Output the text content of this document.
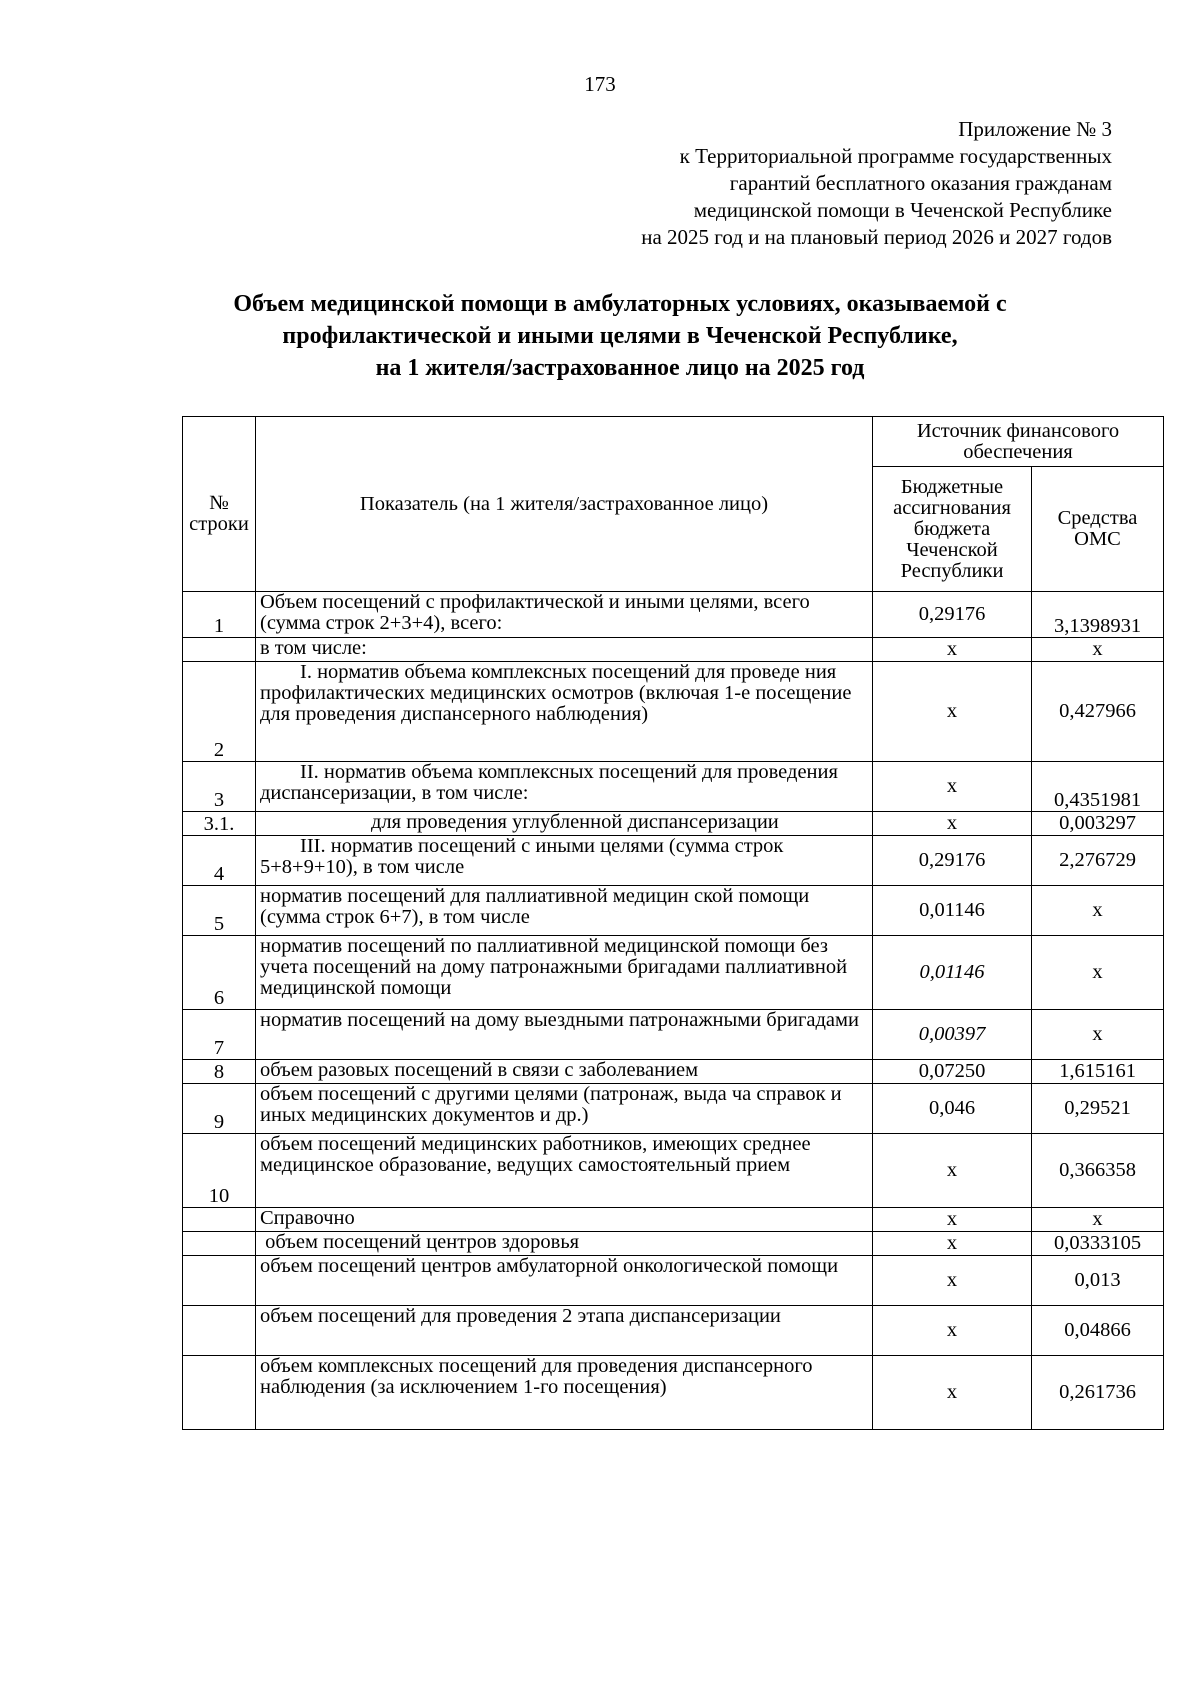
173
Приложение № 3
к Территориальной программе государственных
гарантий бесплатного оказания гражданам
медицинской помощи в Чеченской Республике
на 2025 год и на плановый период 2026 и 2027 годов
Объем медицинской помощи в амбулаторных условиях, оказываемой с
профилактической и иными целями в Чеченской Республике,
на 1 жителя/застрахованное лицо на 2025 год
№ строки	Показатель (на 1 жителя/застрахованное лицо)	Источник финансового обеспечения	
		Бюджетные ассигнования бюджета Чеченской Республики	Средства ОМС
1	Объем посещений с профилактической и иными целями, всего (сумма строк 2+3+4), всего:	0,29176	3,1398931
	в том числе:	х	х
2	I. норматив объема комплексных посещений для проведе ния профилактических медицинских осмотров (включая 1-е посещение для проведения диспансерного наблюдения)	х	0,427966
3	II. норматив объема комплексных посещений для проведения диспансеризации, в том числе:	х	0,4351981
3.1.	для проведения углубленной диспансеризации	х	0,003297
4	III. норматив посещений с иными целями (сумма строк 5+8+9+10), в том числе	0,29176	2,276729
5	норматив посещений для паллиативной медицин ской помощи (сумма строк 6+7), в том числе	0,01146	х
6	норматив посещений по паллиативной медицинской помощи без учета посещений на дому патронажными бригадами паллиативной медицинской помощи	0,01146	х
7	норматив посещений на дому выездными патронажными бригадами	0,00397	х
8	объем разовых посещений в связи с заболеванием	0,07250	1,615161
9	объем посещений с другими целями (патронаж, выда ча справок и иных медицинских документов и др.)	0,046	0,29521
10	объем посещений медицинских работников, имеющих среднее медицинское образование, ведущих самостоятельный прием	х	0,366358
	Справочно	х	х
	объем посещений центров здоровья	х	0,0333105
	объем посещений центров амбулаторной онкологической помощи	х	0,013
	объем посещений для проведения 2 этапа диспансеризации	х	0,04866
	объем комплексных посещений для проведения диспансерного наблюдения (за исключением 1-го посещения)	х	0,261736
